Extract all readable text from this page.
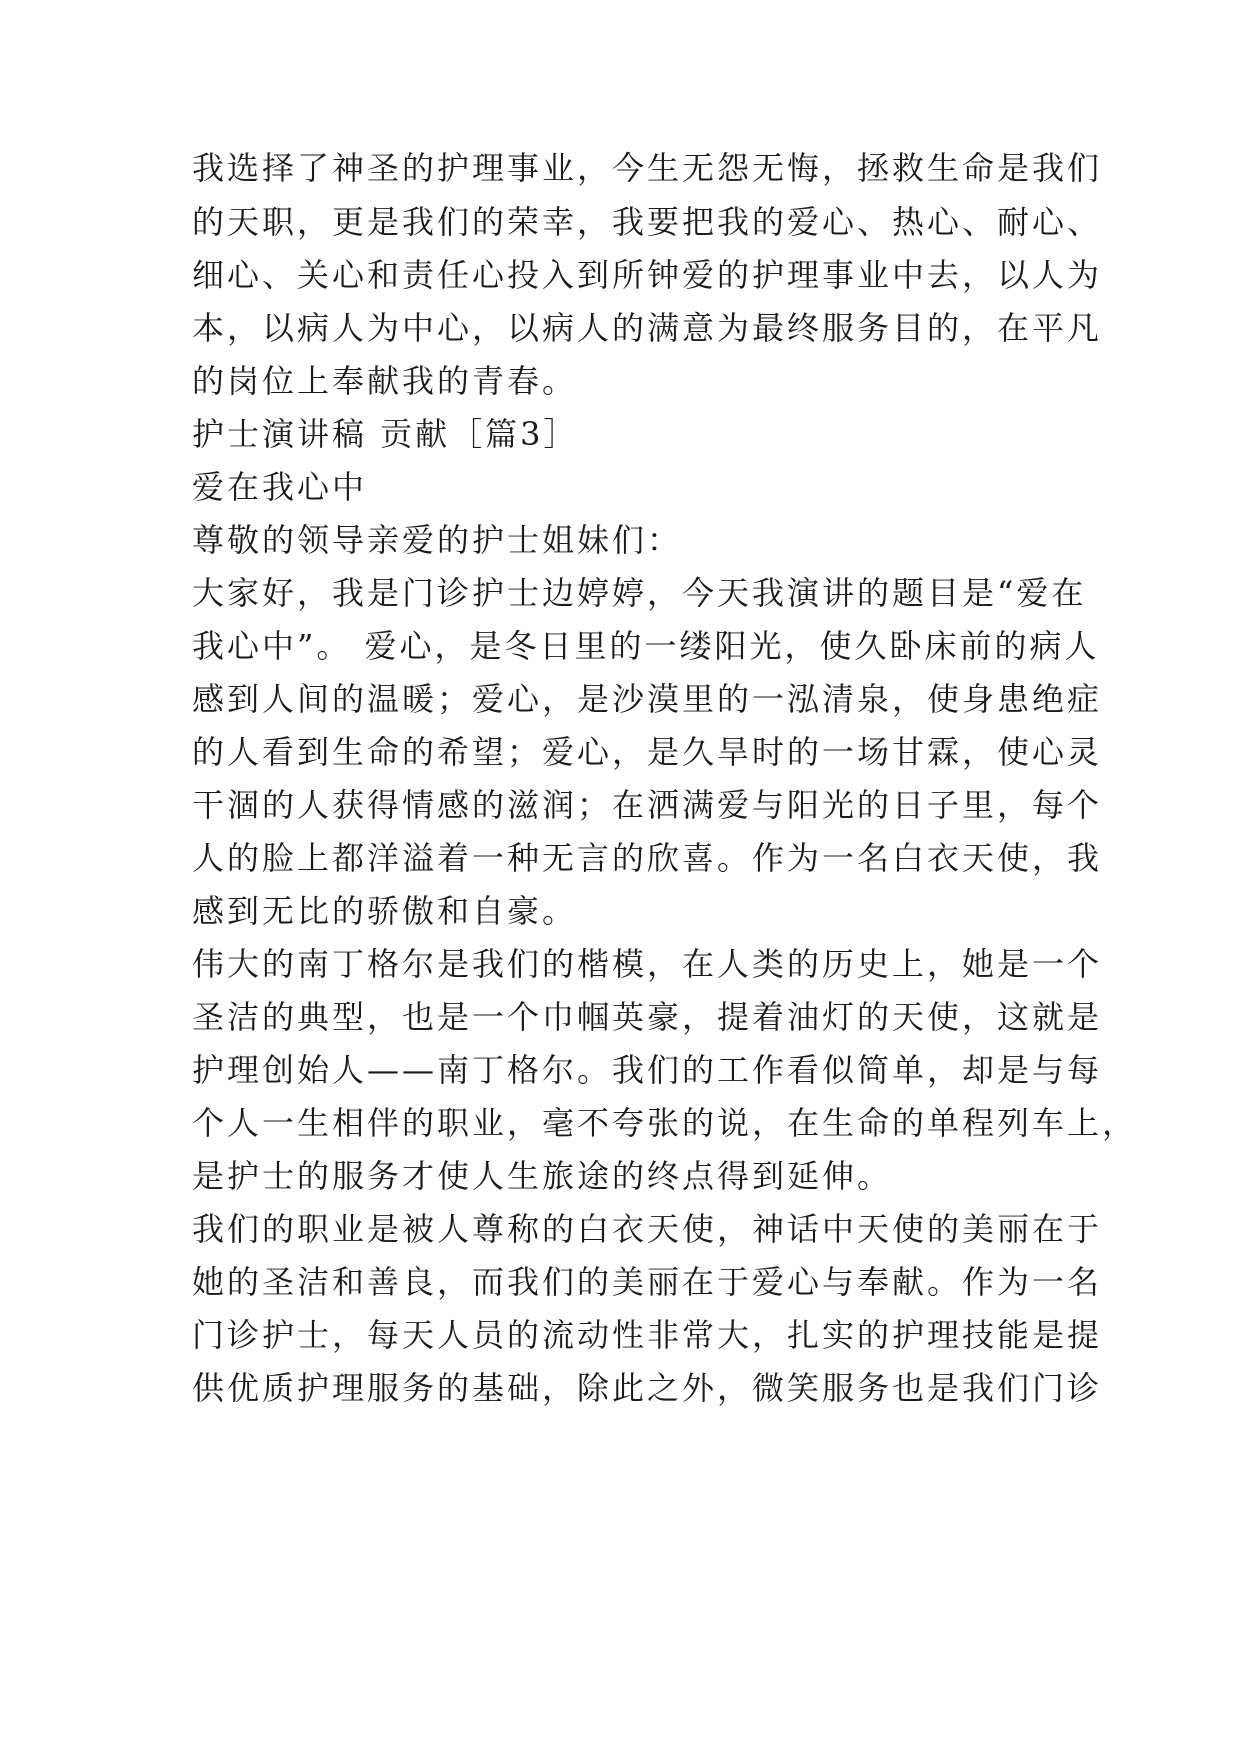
我选择了神圣的护理事业，今生无怨无悔，拯救生命是我们
的天职，更是我们的荣幸，我要把我的爱心、热心、耐心、
细心、关心和责任心投入到所钟爱的护理事业中去，以人为
本，以病人为中心，以病人的满意为最终服务目的，在平凡
的岗位上奉献我的青春。
护士演讲稿 贡献［篇3］
爱在我心中
尊敬的领导亲爱的护士姐妹们：
大家好，我是门诊护士边婷婷，今天我演讲的题目是“爱在
我心中”。 爱心，是冬日里的一缕阳光，使久卧床前的病人
感到人间的温暖；爱心，是沙漠里的一泓清泉，使身患绝症
的人看到生命的希望；爱心，是久旱时的一场甘霖，使心灵
干涸的人获得情感的滋润；在洒满爱与阳光的日子里，每个
人的脸上都洋溢着一种无言的欣喜。作为一名白衣天使，我
感到无比的骄傲和自豪。
伟大的南丁格尔是我们的楷模，在人类的历史上，她是一个
圣洁的典型，也是一个巾帼英豪，提着油灯的天使，这就是
护理创始人——南丁格尔。我们的工作看似简单，却是与每
个人一生相伴的职业，毫不夸张的说，在生命的单程列车上，
是护士的服务才使人生旅途的终点得到延伸。
我们的职业是被人尊称的白衣天使，神话中天使的美丽在于
她的圣洁和善良，而我们的美丽在于爱心与奉献。作为一名
门诊护士，每天人员的流动性非常大，扎实的护理技能是提
供优质护理服务的基础，除此之外，微笑服务也是我们门诊
